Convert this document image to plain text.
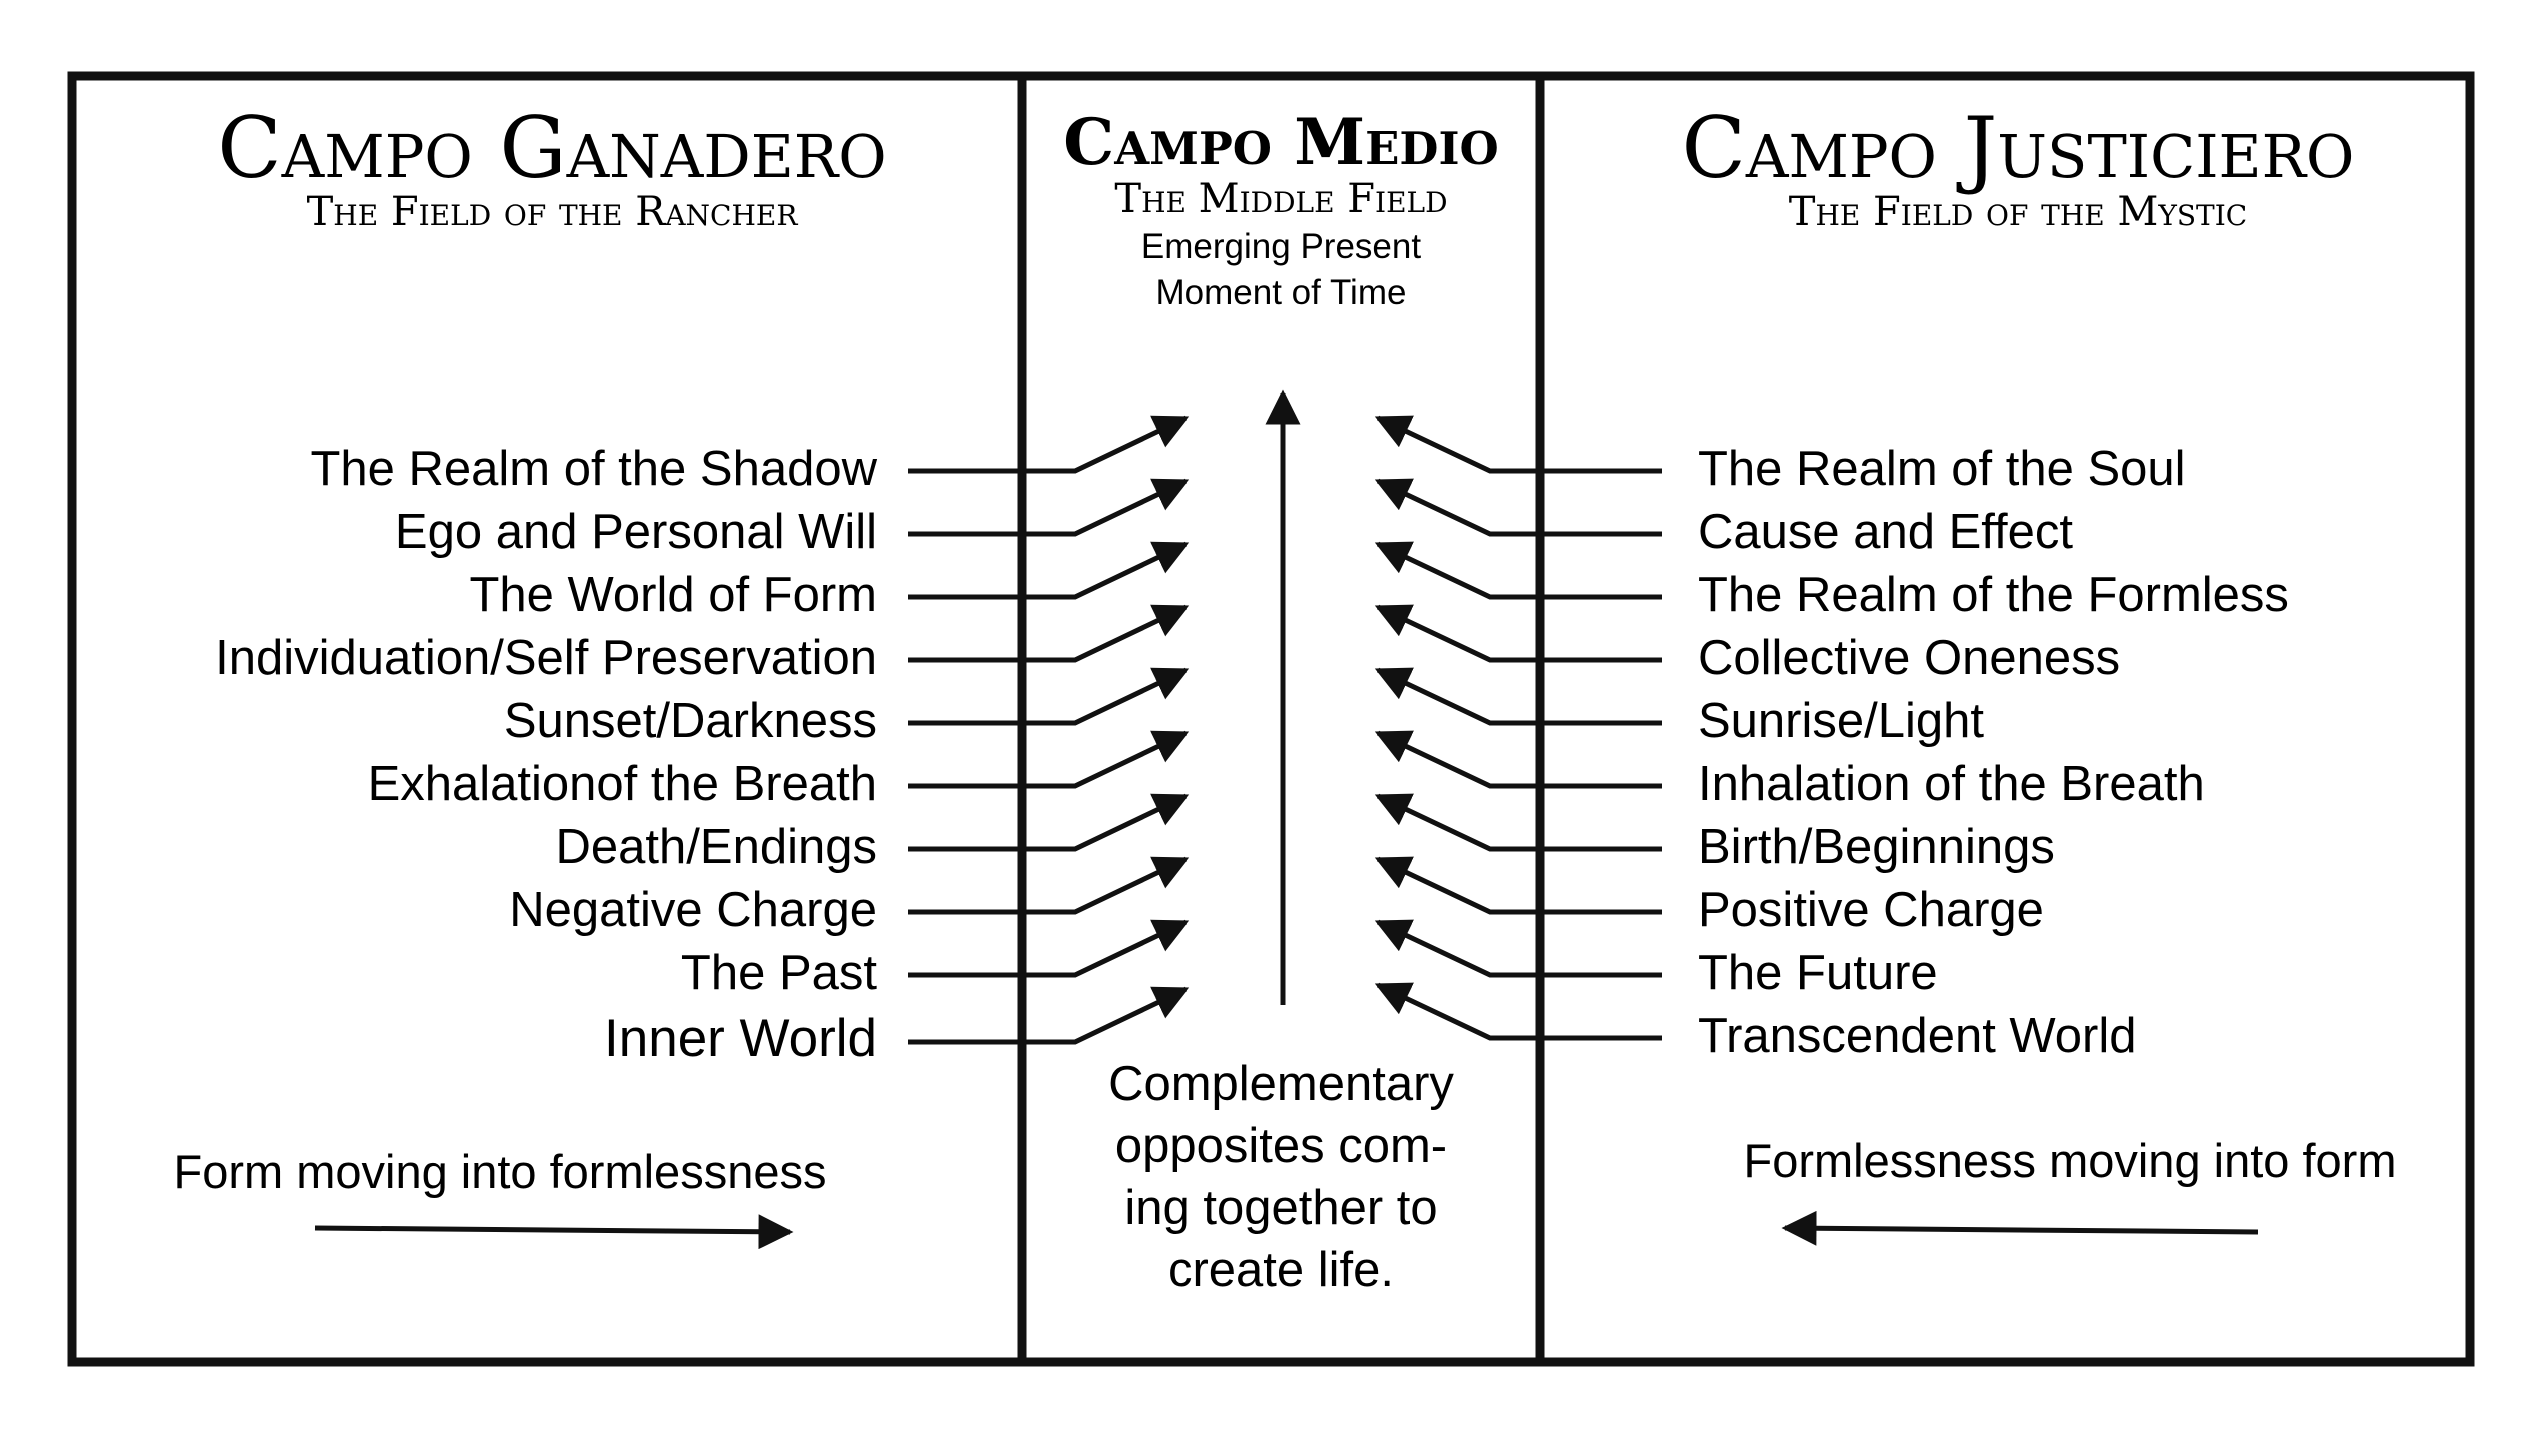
Campo Ganadero
The Field of the Rancher
Campo Medio
The Middle Field
Emerging Present
Moment of Time
Campo Justiciero
The Field of the Mystic
The Realm of the Shadow
Ego and Personal Will
The World of Form
Individuation/Self Preservation
Sunset/Darkness
Exhalationof the Breath
Death/Endings
Negative Charge
The Past
Inner World
The Realm of the Soul
Cause and Effect
The Realm of the Formless
Collective Oneness
Sunrise/Light
Inhalation of the Breath
Birth/Beginnings
Positive Charge
The Future
Transcendent World
Complementary
opposites com-
ing together to
create life.
Form moving into formlessness	Formlessness moving into form
